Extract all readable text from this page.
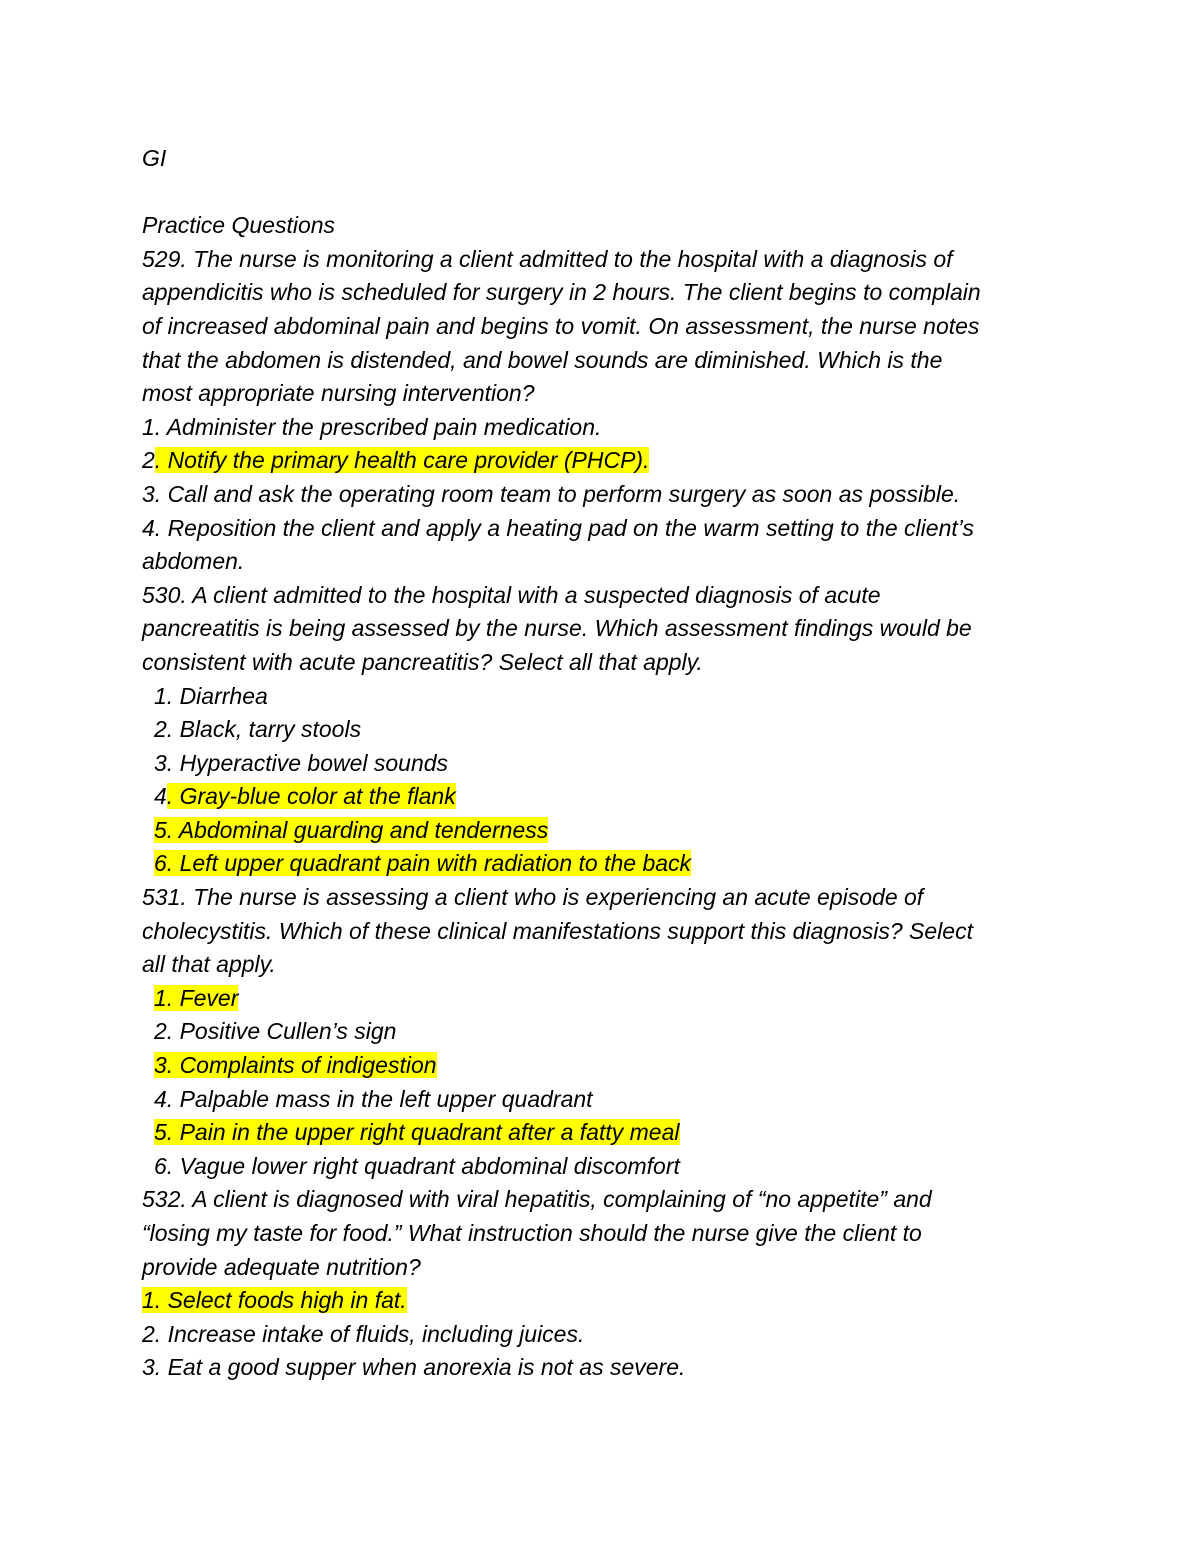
GI
Practice Questions
529. The nurse is monitoring a client admitted to the hospital with a diagnosis of
appendicitis who is scheduled for surgery in 2 hours. The client begins to complain
of increased abdominal pain and begins to vomit. On assessment, the nurse notes
that the abdomen is distended, and bowel sounds are diminished. Which is the
most appropriate nursing intervention?
1. Administer the prescribed pain medication.
2. Notify the primary health care provider (PHCP).
3. Call and ask the operating room team to perform surgery as soon as possible.
4. Reposition the client and apply a heating pad on the warm setting to the client’s
abdomen.
530. A client admitted to the hospital with a suspected diagnosis of acute
pancreatitis is being assessed by the nurse. Which assessment findings would be
consistent with acute pancreatitis? Select all that apply.
1. Diarrhea
2. Black, tarry stools
3. Hyperactive bowel sounds
4. Gray-blue color at the flank
5. Abdominal guarding and tenderness
6. Left upper quadrant pain with radiation to the back
531. The nurse is assessing a client who is experiencing an acute episode of
cholecystitis. Which of these clinical manifestations support this diagnosis? Select
all that apply.
1. Fever
2. Positive Cullen’s sign
3. Complaints of indigestion
4. Palpable mass in the left upper quadrant
5. Pain in the upper right quadrant after a fatty meal
6. Vague lower right quadrant abdominal discomfort
532. A client is diagnosed with viral hepatitis, complaining of “no appetite” and
“losing my taste for food.” What instruction should the nurse give the client to
provide adequate nutrition?
1. Select foods high in fat.
2. Increase intake of fluids, including juices.
3. Eat a good supper when anorexia is not as severe.
